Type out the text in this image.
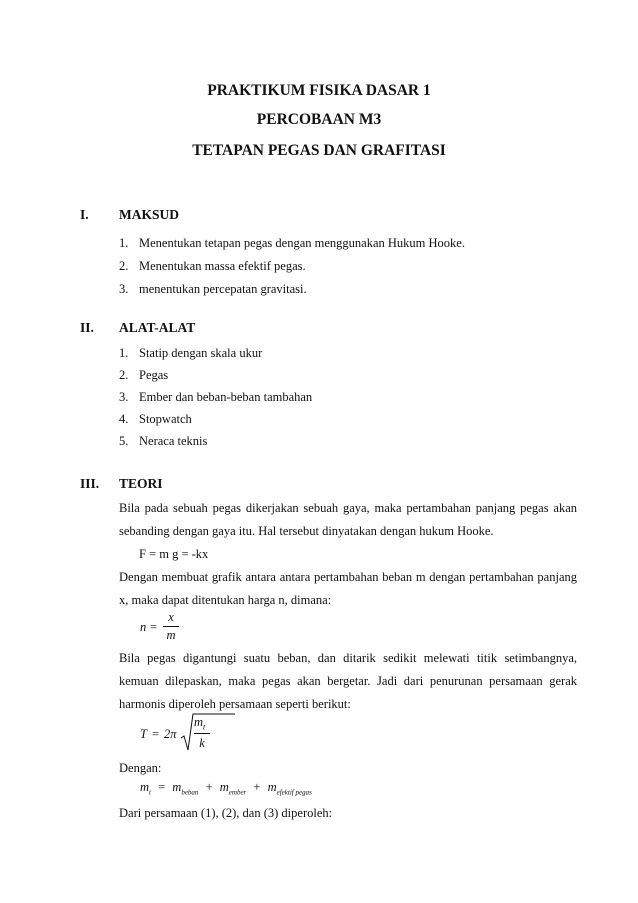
PRAKTIKUM FISIKA DASAR 1
PERCOBAAN M3
TETAPAN PEGAS DAN GRAFITASI
I. MAKSUD
1. Menentukan tetapan pegas dengan menggunakan Hukum Hooke.
2. Menentukan massa efektif pegas.
3. menentukan percepatan gravitasi.
II. ALAT-ALAT
1. Statip dengan skala ukur
2. Pegas
3. Ember dan beban-beban tambahan
4. Stopwatch
5. Neraca teknis
III. TEORI

Bila pada sebuah pegas dikerjakan sebuah gaya, maka pertambahan panjang pegas akan sebanding dengan gaya itu. Hal tersebut dinyatakan dengan hukum Hooke.

F = m g = -kx

Dengan membuat grafik antara antara pertambahan beban m dengan pertambahan panjang x, maka dapat ditentukan harga n, dimana:

n =
x
m

Bila pegas digantungi suatu beban, dan ditarik sedikit melewati titik setimbangnya, kemuan dilepaskan, maka pegas akan bergetar. Jadi dari penurunan persamaan gerak harmonis diperoleh persamaan seperti berikut:

T = 2π
$m_t$
k
Dengan:
$m_t = m_{beban} + m_{ember} + m_{efektif pegas}$
Dari persamaan (1), (2), dan (3) diperoleh:
